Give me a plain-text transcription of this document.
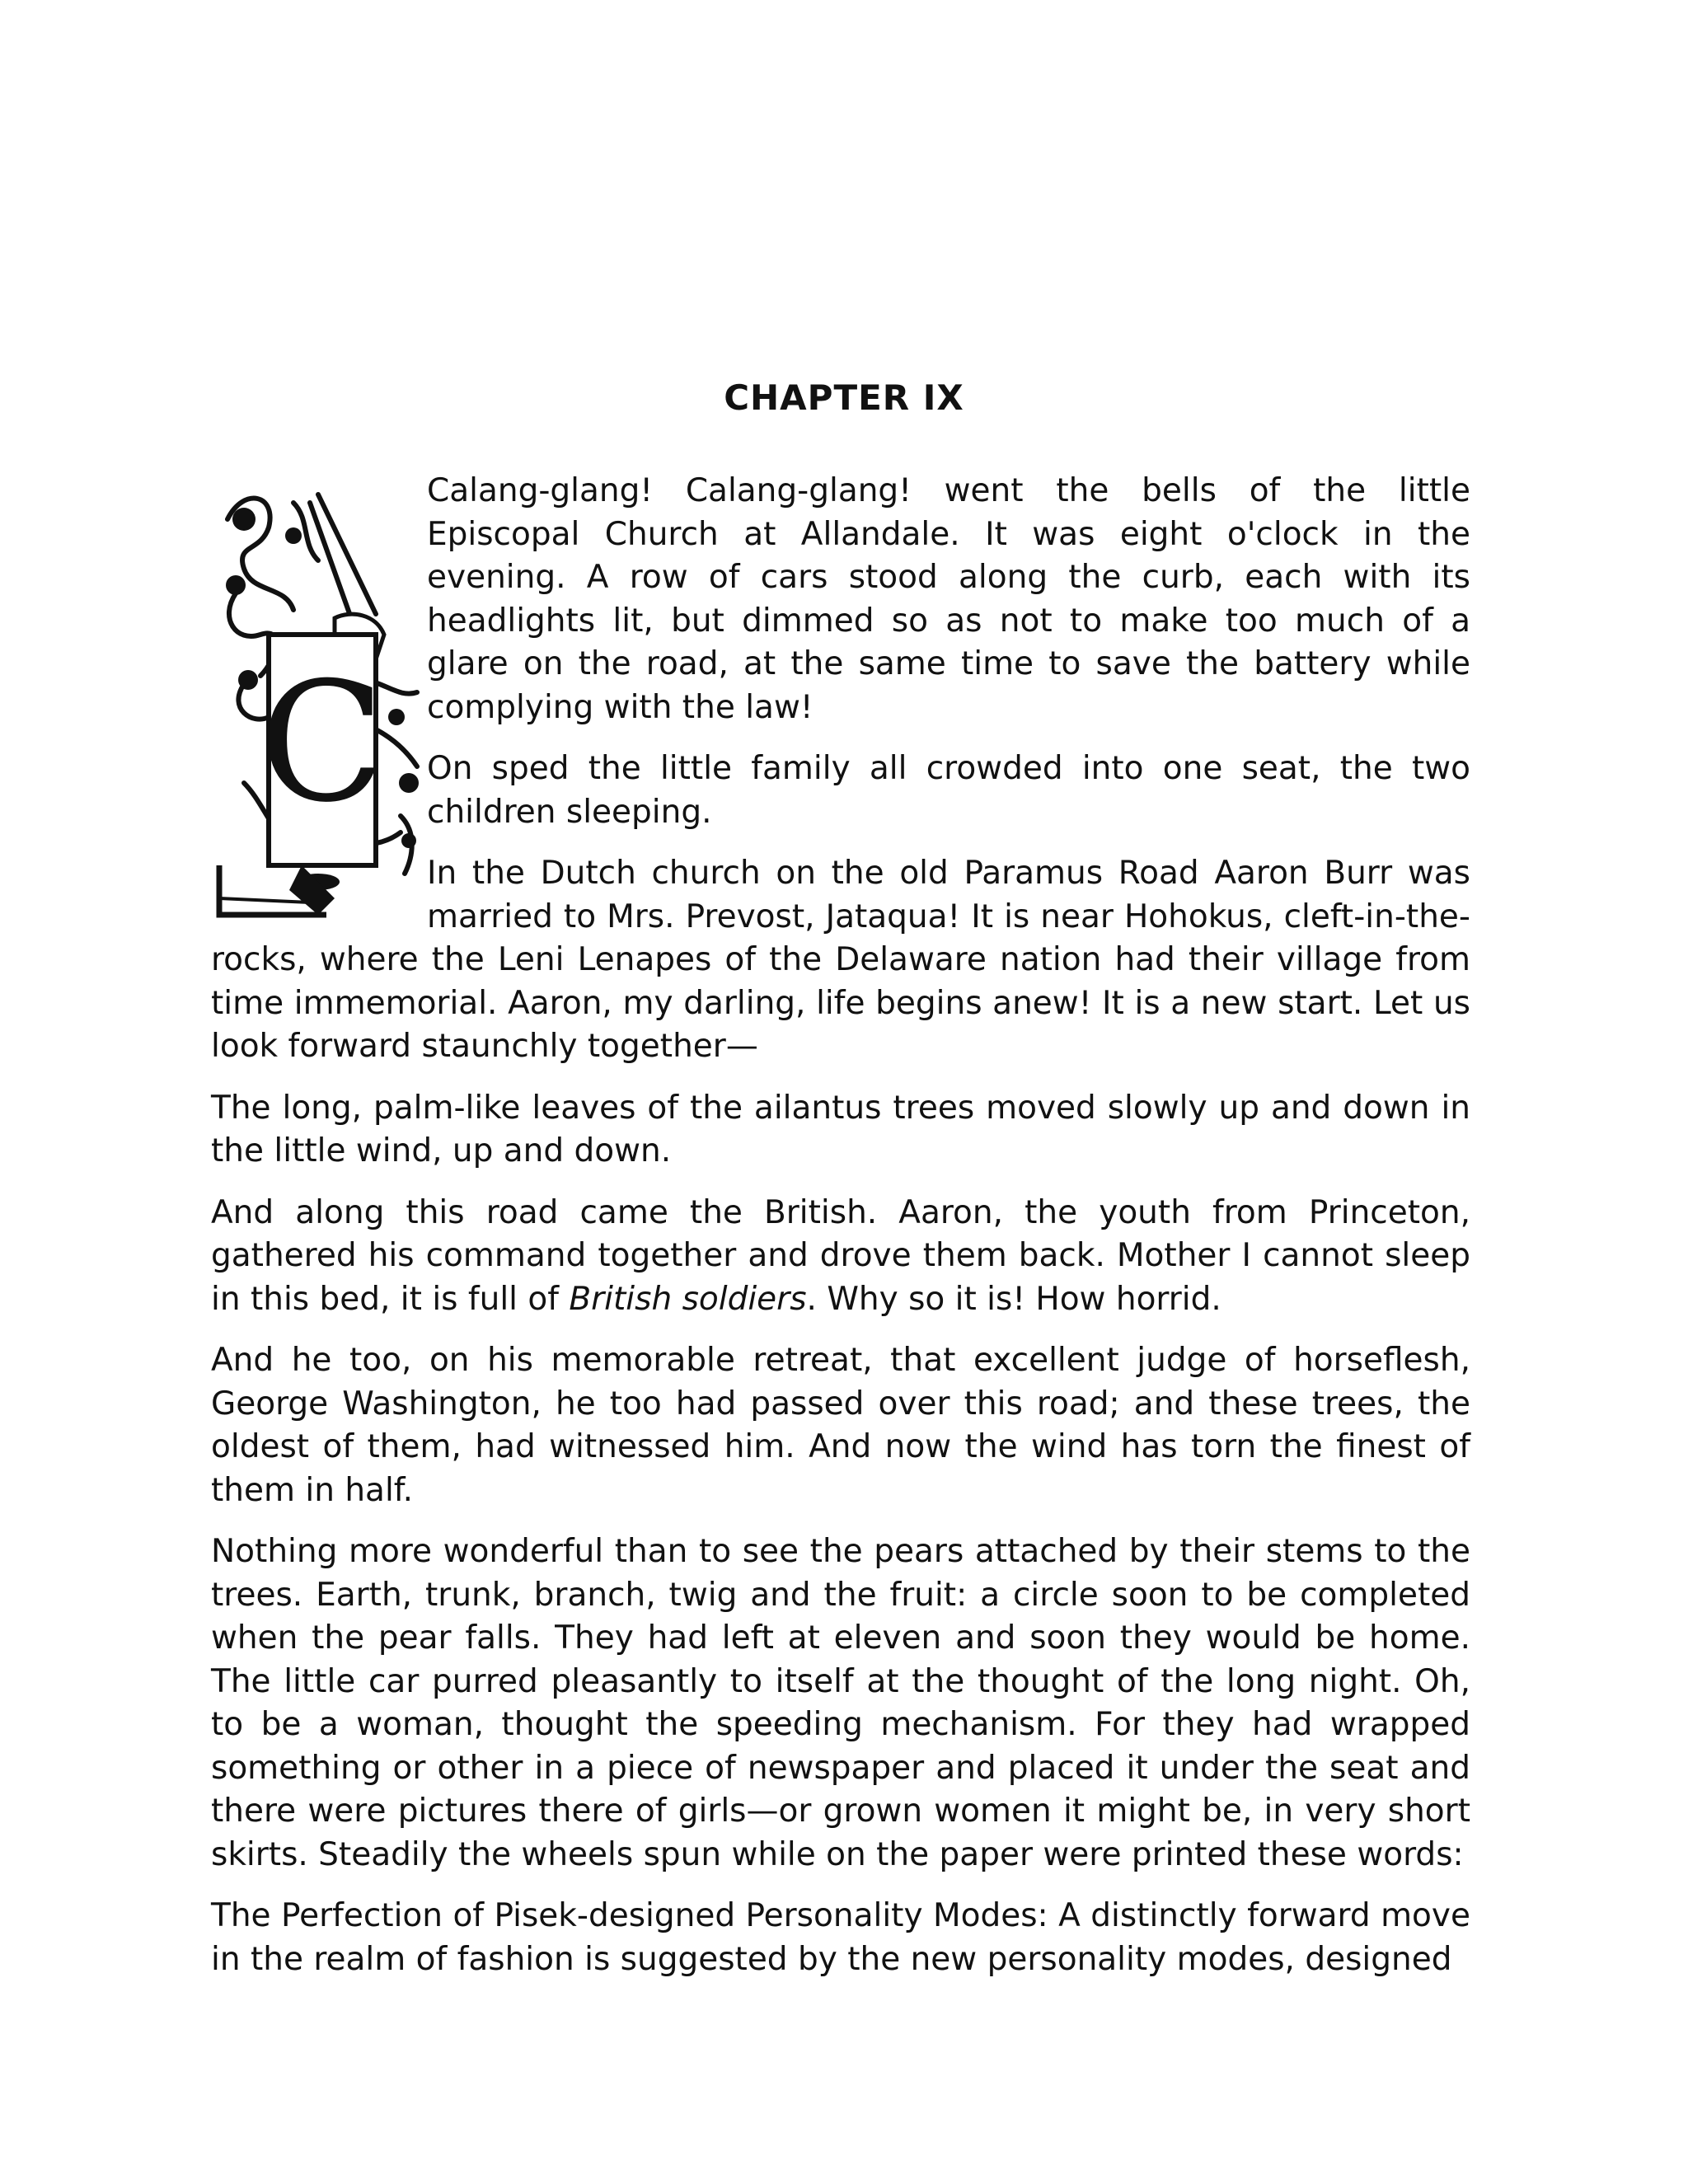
CHAPTER IX
C

Calang-glang! Calang-glang! went the bells of the little Episcopal Church at Allandale. It was eight o'clock in the evening. A row of cars stood along the curb, each with its headlights lit, but dimmed so as not to make too much of a glare on the road, at the same time to save the battery while complying with the law!

On sped the little family all crowded into one seat, the two children sleeping.

In the Dutch church on the old Paramus Road Aaron Burr was married to Mrs. Prevost, Jataqua! It is near Hohokus, cleft-in-the-rocks, where the Leni Lenapes of the Delaware nation had their village from time immemorial. Aaron, my darling, life begins anew! It is a new start. Let us look forward staunchly together—

The long, palm-like leaves of the ailantus trees moved slowly up and down in the little wind, up and down.

And along this road came the British. Aaron, the youth from Princeton, gathered his command together and drove them back. Mother I cannot sleep in this bed, it is full of British soldiers. Why so it is! How horrid.

And he too, on his memorable retreat, that excellent judge of horseflesh, George Washington, he too had passed over this road; and these trees, the oldest of them, had witnessed him. And now the wind has torn the finest of them in half.

Nothing more wonderful than to see the pears attached by their stems to the trees. Earth, trunk, branch, twig and the fruit: a circle soon to be completed when the pear falls. They had left at eleven and soon they would be home. The little car purred pleasantly to itself at the thought of the long night. Oh, to be a woman, thought the speeding mechanism. For they had wrapped something or other in a piece of newspaper and placed it under the seat and there were pictures there of girls—or grown women it might be, in very short skirts. Steadily the wheels spun while on the paper were printed these words:

The Perfection of Pisek-designed Personality Modes: A distinctly forward move in the realm of fashion is suggested by the new personality modes, designed
